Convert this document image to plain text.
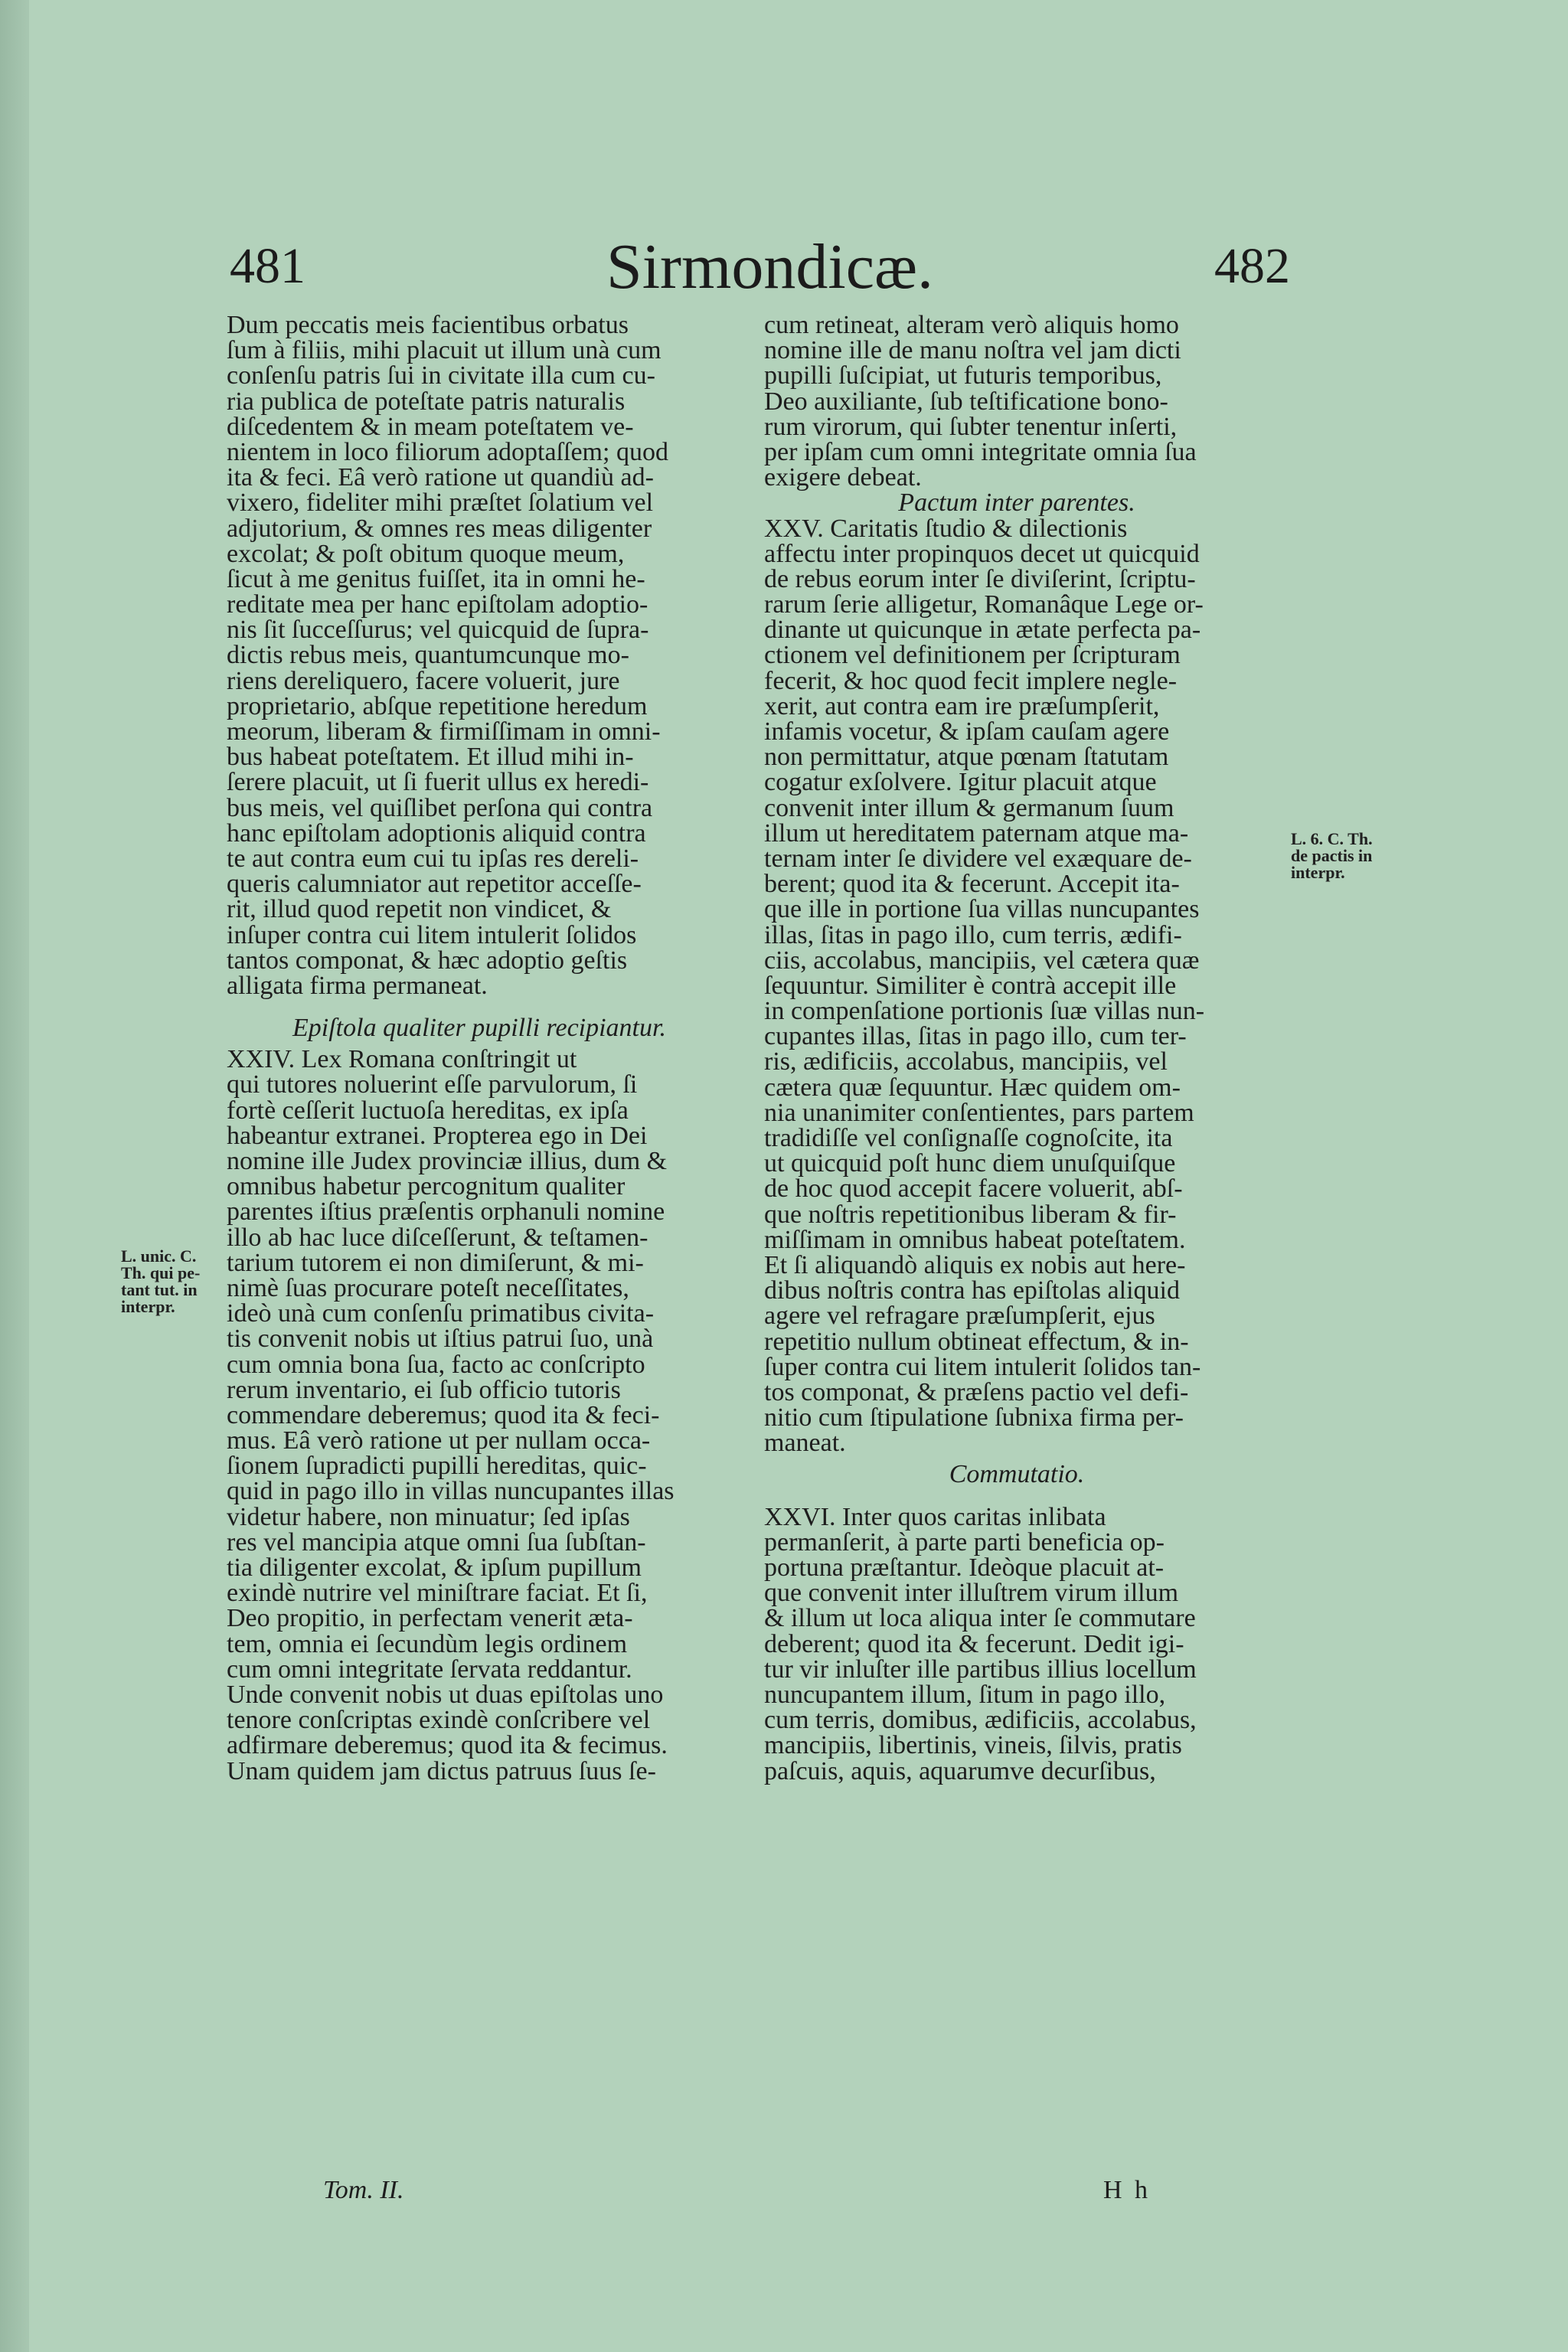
481	Sirmondicæ.	482
Dum peccatis meis facientibus orbatus
ſum à filiis, mihi placuit ut illum unà cum
conſenſu patris ſui in civitate illa cum cu-
ria publica de poteſtate patris naturalis
diſcedentem & in meam poteſtatem ve-
nientem in loco filiorum adoptaſſem; quod
ita & feci. Eâ verò ratione ut quandiù ad-
vixero, fideliter mihi præſtet ſolatium vel
adjutorium, & omnes res meas diligenter
excolat; & poſt obitum quoque meum,
ſicut à me genitus fuiſſet, ita in omni he-
reditate mea per hanc epiſtolam adoptio-
nis ſit ſucceſſurus; vel quicquid de ſupra-
dictis rebus meis, quantumcunque mo-
riens dereliquero, facere voluerit, jure
proprietario, abſque repetitione heredum
meorum, liberam & firmiſſimam in omni-
bus habeat poteſtatem. Et illud mihi in-
ſerere placuit, ut ſi fuerit ullus ex heredi-
bus meis, vel quiſlibet perſona qui contra
hanc epiſtolam adoptionis aliquid contra
te aut contra eum cui tu ipſas res dereli-
queris calumniator aut repetitor acceſſe-
rit, illud quod repetit non vindicet, &
inſuper contra cui litem intulerit ſolidos
tantos componat, & hæc adoptio geſtis
alligata firma permaneat.
Epiſtola qualiter pupilli recipiantur.
XXIV. Lex Romana conſtringit ut
qui tutores noluerint eſſe parvulorum, ſi
fortè ceſſerit luctuoſa hereditas, ex ipſa
habeantur extranei. Propterea ego in Dei
nomine ille Judex provinciæ illius, dum &
omnibus habetur percognitum qualiter
parentes iſtius præſentis orphanuli nomine
illo ab hac luce diſceſſerunt, & teſtamen-
tarium tutorem ei non dimiſerunt, & mi-
nimè ſuas procurare poteſt neceſſitates,
ideò unà cum conſenſu primatibus civita-
tis convenit nobis ut iſtius patrui ſuo, unà
cum omnia bona ſua, facto ac conſcripto
rerum inventario, ei ſub officio tutoris
commendare deberemus; quod ita & feci-
mus. Eâ verò ratione ut per nullam occa-
ſionem ſupradicti pupilli hereditas, quic-
quid in pago illo in villas nuncupantes illas
videtur habere, non minuatur; ſed ipſas
res vel mancipia atque omni ſua ſubſtan-
tia diligenter excolat, & ipſum pupillum
exindè nutrire vel miniſtrare faciat. Et ſi,
Deo propitio, in perfectam venerit æta-
tem, omnia ei ſecundùm legis ordinem
cum omni integritate ſervata reddantur.
Unde convenit nobis ut duas epiſtolas uno
tenore conſcriptas exindè conſcribere vel
adfirmare deberemus; quod ita & fecimus.
Unam quidem jam dictus patruus ſuus ſe-
cum retineat, alteram verò aliquis homo
nomine ille de manu noſtra vel jam dicti
pupilli ſuſcipiat, ut futuris temporibus,
Deo auxiliante, ſub teſtificatione bono-
rum virorum, qui ſubter tenentur inſerti,
per ipſam cum omni integritate omnia ſua
exigere debeat.
Pactum inter parentes.
XXV. Caritatis ſtudio & dilectionis
affectu inter propinquos decet ut quicquid
de rebus eorum inter ſe diviſerint, ſcriptu-
rarum ſerie alligetur, Romanâque Lege or-
dinante ut quicunque in ætate perfecta pa-
ctionem vel definitionem per ſcripturam
fecerit, & hoc quod fecit implere negle-
xerit, aut contra eam ire præſumpſerit,
infamis vocetur, & ipſam cauſam agere
non permittatur, atque pœnam ſtatutam
cogatur exſolvere. Igitur placuit atque
convenit inter illum & germanum ſuum
illum ut hereditatem paternam atque ma-
ternam inter ſe dividere vel exæquare de-
berent; quod ita & fecerunt. Accepit ita-
que ille in portione ſua villas nuncupantes
illas, ſitas in pago illo, cum terris, ædifi-
ciis, accolabus, mancipiis, vel cætera quæ
ſequuntur. Similiter è contrà accepit ille
in compenſatione portionis ſuæ villas nun-
cupantes illas, ſitas in pago illo, cum ter-
ris, ædificiis, accolabus, mancipiis, vel
cætera quæ ſequuntur. Hæc quidem om-
nia unanimiter conſentientes, pars partem
tradidiſſe vel conſignaſſe cognoſcite, ita
ut quicquid poſt hunc diem unuſquiſque
de hoc quod accepit facere voluerit, abſ-
que noſtris repetitionibus liberam & fir-
miſſimam in omnibus habeat poteſtatem.
Et ſi aliquandò aliquis ex nobis aut here-
dibus noſtris contra has epiſtolas aliquid
agere vel refragare præſumpſerit, ejus
repetitio nullum obtineat effectum, & in-
ſuper contra cui litem intulerit ſolidos tan-
tos componat, & præſens pactio vel defi-
nitio cum ſtipulatione ſubnixa firma per-
maneat.
Commutatio.
XXVI. Inter quos caritas inlibata
permanſerit, à parte parti beneficia op-
portuna præſtantur. Ideòque placuit at-
que convenit inter illuſtrem virum illum
& illum ut loca aliqua inter ſe commutare
deberent; quod ita & fecerunt. Dedit igi-
tur vir inluſter ille partibus illius locellum
nuncupantem illum, ſitum in pago illo,
cum terris, domibus, ædificiis, accolabus,
mancipiis, libertinis, vineis, ſilvis, pratis
paſcuis, aquis, aquarumve decurſibus,
L. unic. C.
Th. qui pe-
tant tut. in
interpr.
L. 6. C. Th.
de pactis in
interpr.
Tom. II.	H h
